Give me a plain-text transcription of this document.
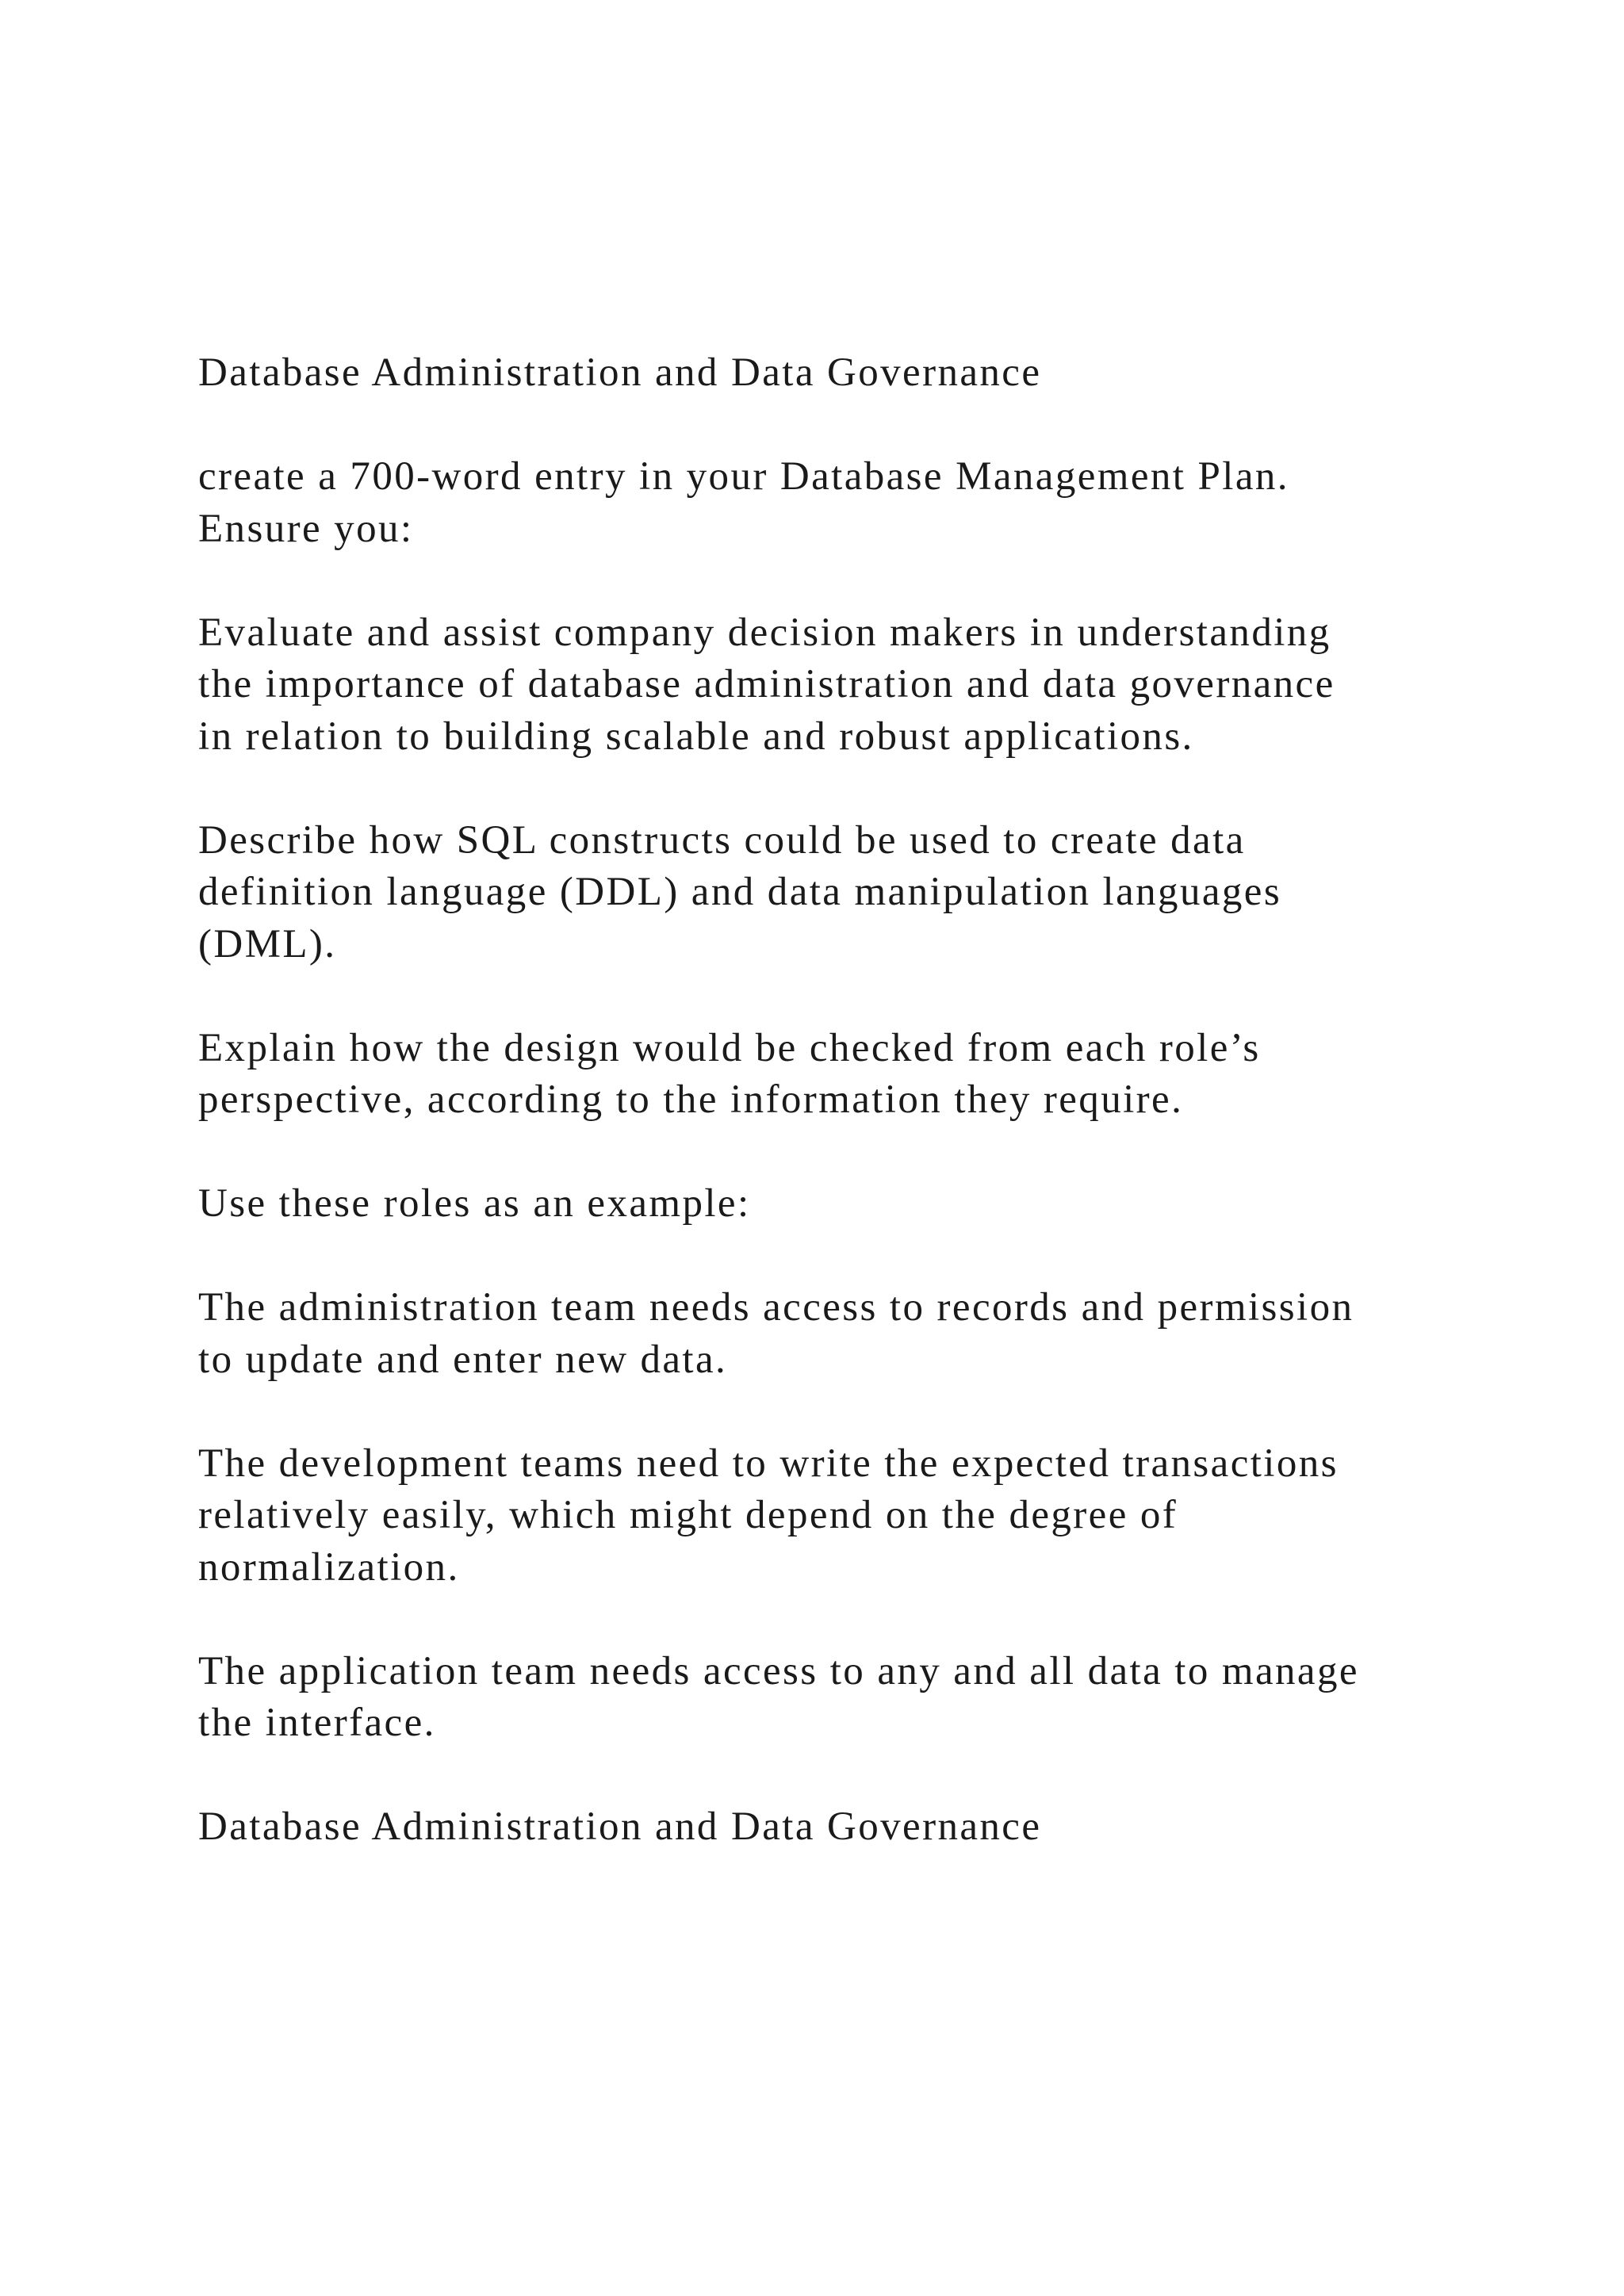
Database Administration and Data Governance

create a 700-word entry in your Database Management Plan.
Ensure you:

Evaluate and assist company decision makers in understanding
the importance of database administration and data governance
in relation to building scalable and robust applications.

Describe how SQL constructs could be used to create data
definition language (DDL) and data manipulation languages
(DML).

Explain how the design would be checked from each role’s
perspective, according to the information they require.

Use these roles as an example:

The administration team needs access to records and permission
to update and enter new data.

The development teams need to write the expected transactions
relatively easily, which might depend on the degree of
normalization.

The application team needs access to any and all data to manage
the interface.

Database Administration and Data Governance
